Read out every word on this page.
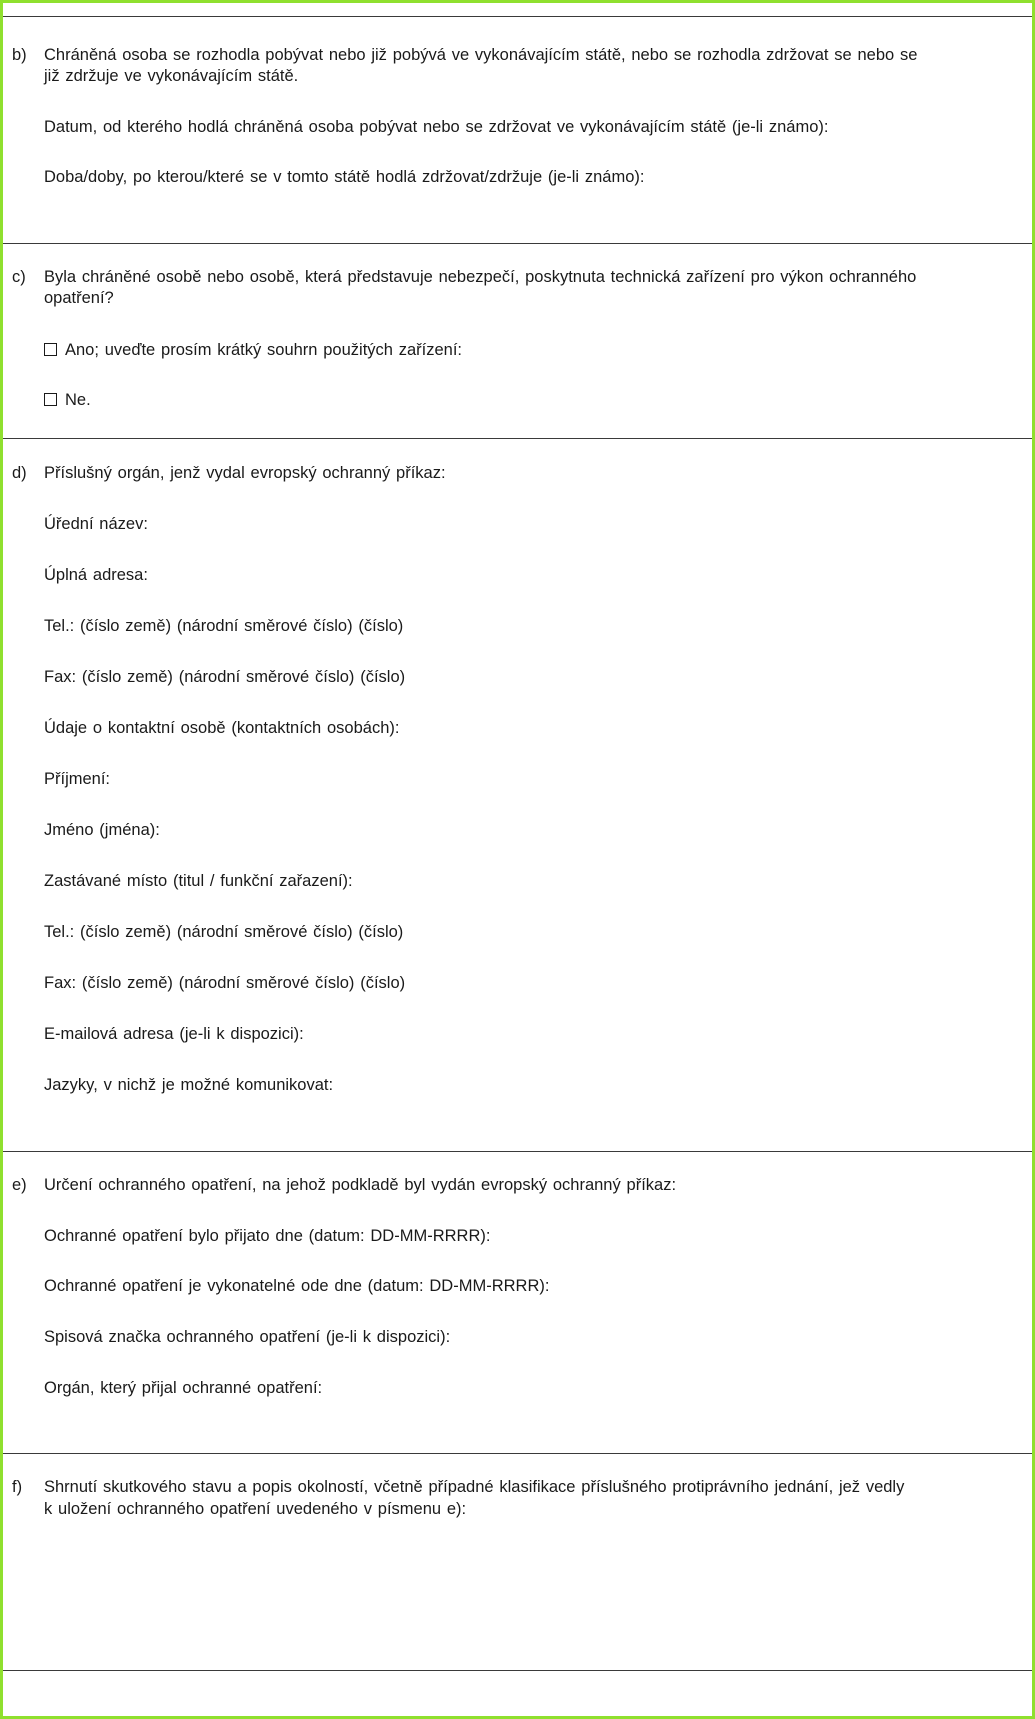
b) Chráněná osoba se rozhodla pobývat nebo již pobývá ve vykonávajícím státě, nebo se rozhodla zdržovat se nebo se
již zdržuje ve vykonávajícím státě.
Datum, od kterého hodlá chráněná osoba pobývat nebo se zdržovat ve vykonávajícím státě (je-li známo):
Doba/doby, po kterou/které se v tomto státě hodlá zdržovat/zdržuje (je-li známo):
c) Byla chráněné osobě nebo osobě, která představuje nebezpečí, poskytnuta technická zařízení pro výkon ochranného
opatření?
Ano; uveďte prosím krátký souhrn použitých zařízení:
Ne.
d) Příslušný orgán, jenž vydal evropský ochranný příkaz:
Úřední název:
Úplná adresa:
Tel.: (číslo země) (národní směrové číslo) (číslo)
Fax: (číslo země) (národní směrové číslo) (číslo)
Údaje o kontaktní osobě (kontaktních osobách):
Příjmení:
Jméno (jména):
Zastávané místo (titul / funkční zařazení):
Tel.: (číslo země) (národní směrové číslo) (číslo)
Fax: (číslo země) (národní směrové číslo) (číslo)
E-mailová adresa (je-li k dispozici):
Jazyky, v nichž je možné komunikovat:
e) Určení ochranného opatření, na jehož podkladě byl vydán evropský ochranný příkaz:
Ochranné opatření bylo přijato dne (datum: DD-MM-RRRR):
Ochranné opatření je vykonatelné ode dne (datum: DD-MM-RRRR):
Spisová značka ochranného opatření (je-li k dispozici):
Orgán, který přijal ochranné opatření:
f) Shrnutí skutkového stavu a popis okolností, včetně případné klasifikace příslušného protiprávního jednání, jež vedly
k uložení ochranného opatření uvedeného v písmenu e):
